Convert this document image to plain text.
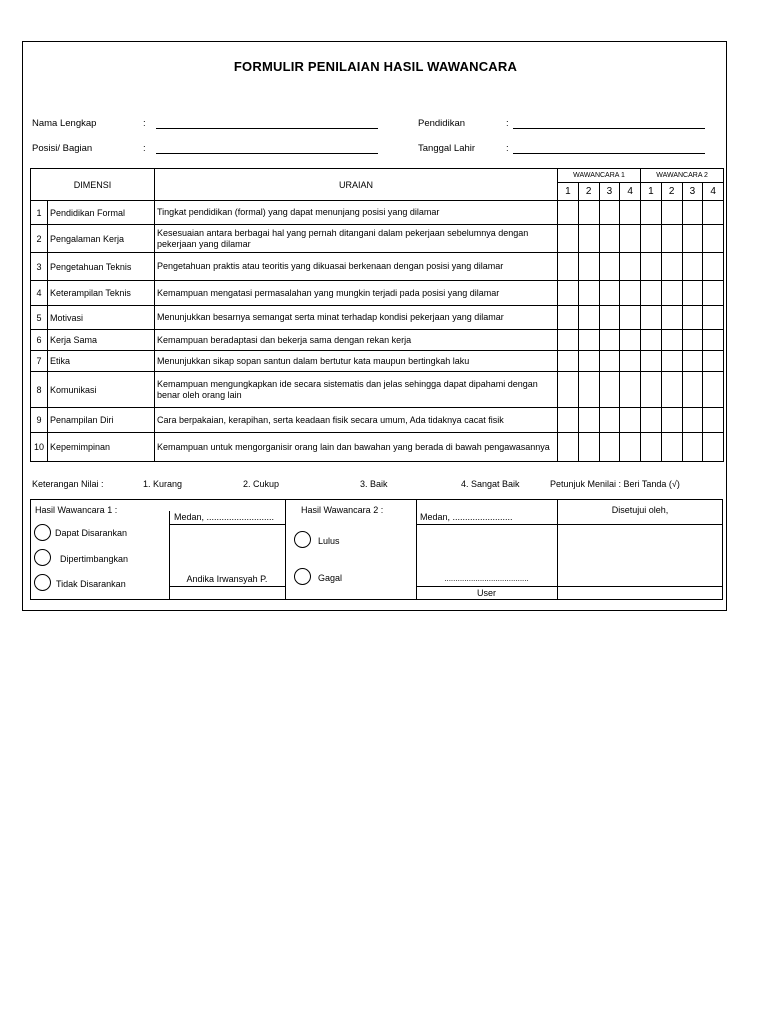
FORMULIR PENILAIAN HASIL WAWANCARA
Nama Lengkap	:
Posisi/ Bagian	:
Pendidikan	:
Tanggal Lahir	:
DIMENSI		URAIAN	WAWANCARA 1				WAWANCARA 2			
			1	2	3	4	1	2	3	4
1	Pendidikan Formal	Tingkat pendidikan (formal) yang dapat menunjang posisi yang dilamar								
2	Pengalaman Kerja	Kesesuaian antara berbagai hal yang pernah ditangani dalam pekerjaan sebelumnya dengan pekerjaan yang dilamar								
3	Pengetahuan Teknis	Pengetahuan praktis atau teoritis yang dikuasai berkenaan dengan posisi yang dilamar								
4	Keterampilan Teknis	Kemampuan mengatasi permasalahan yang mungkin terjadi pada posisi yang dilamar								
5	Motivasi	Menunjukkan besarnya semangat serta minat terhadap kondisi pekerjaan yang dilamar								
6	Kerja Sama	Kemampuan beradaptasi dan bekerja sama dengan rekan kerja								
7	Etika	Menunjukkan sikap sopan santun dalam bertutur kata maupun bertingkah laku								
8	Komunikasi	Kemampuan mengungkapkan ide secara sistematis dan jelas sehingga dapat dipahami dengan benar oleh orang lain								
9	Penampilan Diri	Cara berpakaian, kerapihan, serta keadaan fisik secara umum, Ada tidaknya cacat fisik								
10	Kepemimpinan	Kemampuan untuk mengorganisir orang lain dan bawahan yang berada di bawah pengawasannya								
Keterangan Nilai :	1. Kurang	2. Cukup	3. Baik	4. Sangat Baik	Petunjuk Menilai : Beri Tanda (√)
Hasil Wawancara 1 :
Medan, ...........................
Hasil Wawancara 2 :
Medan, ........................
Disetujui oleh,
Dapat Disarankan
Dipertimbangkan
Tidak Disarankan	Andika Irwansyah P.
Lulus
Gagal	......................................
User
